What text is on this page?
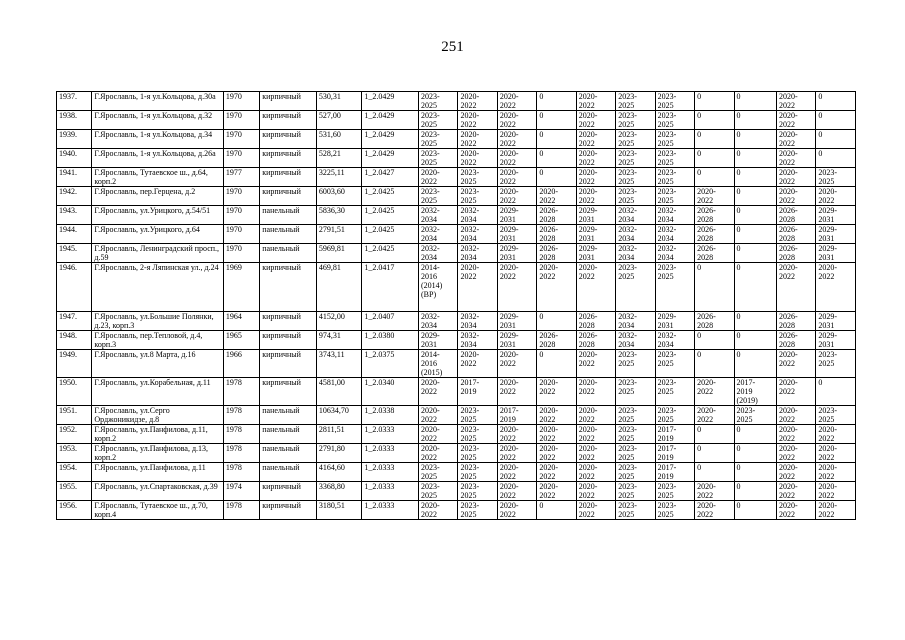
251
1937.	Г.Ярославль, 1-я ул.Кольцова, д.30а	1970	кирпичный	530,31	1_2.0429	2023-
2025	2020-
2022	2020-
2022	0	2020-
2022	2023-
2025	2023-
2025	0	0	2020-
2022	0
1938.	Г.Ярославль, 1-я ул.Кольцова, д.32	1970	кирпичный	527,00	1_2.0429	2023-
2025	2020-
2022	2020-
2022	0	2020-
2022	2023-
2025	2023-
2025	0	0	2020-
2022	0
1939.	Г.Ярославль, 1-я ул.Кольцова, д.34	1970	кирпичный	531,60	1_2.0429	2023-
2025	2020-
2022	2020-
2022	0	2020-
2022	2023-
2025	2023-
2025	0	0	2020-
2022	0
1940.	Г.Ярославль, 1-я ул.Кольцова, д.26а	1970	кирпичный	528,21	1_2.0429	2023-
2025	2020-
2022	2020-
2022	0	2020-
2022	2023-
2025	2023-
2025	0	0	2020-
2022	0
1941.	Г.Ярославль, Тутаевское ш., д.64, корп.2	1977	кирпичный	3225,11	1_2.0427	2020-
2022	2023-
2025	2020-
2022	0	2020-
2022	2023-
2025	2023-
2025	0	0	2020-
2022	2023-
2025
1942.	Г.Ярославль, пер.Герцена, д.2	1970	кирпичный	6003,60	1_2.0425	2023-
2025	2023-
2025	2020-
2022	2020-
2022	2020-
2022	2023-
2025	2023-
2025	2020-
2022	0	2020-
2022	2020-
2022
1943.	Г.Ярославль, ул.Урицкого, д.54/51	1970	панельный	5836,30	1_2.0425	2032-
2034	2032-
2034	2029-
2031	2026-
2028	2029-
2031	2032-
2034	2032-
2034	2026-
2028	0	2026-
2028	2029-
2031
1944.	Г.Ярославль, ул.Урицкого, д.64	1970	панельный	2791,51	1_2.0425	2032-
2034	2032-
2034	2029-
2031	2026-
2028	2029-
2031	2032-
2034	2032-
2034	2026-
2028	0	2026-
2028	2029-
2031
1945.	Г.Ярославль, Ленинградский просп., д.59	1970	панельный	5969,81	1_2.0425	2032-
2034	2032-
2034	2029-
2031	2026-
2028	2029-
2031	2032-
2034	2032-
2034	2026-
2028	0	2026-
2028	2029-
2031
1946.	Г.Ярославль, 2-я Ляпинская ул., д.24	1969	кирпичный	469,81	1_2.0417	2014-
2016
(2014)
(ВР)	2020-
2022	2020-
2022	2020-
2022	2020-
2022	2023-
2025	2023-
2025	0	0	2020-
2022	2020-
2022
1947.	Г.Ярославль, ул.Большие Полянки, д.23, корп.3	1964	кирпичный	4152,00	1_2.0407	2032-
2034	2032-
2034	2029-
2031	0	2026-
2028	2032-
2034	2029-
2031	2026-
2028	0	2026-
2028	2029-
2031
1948.	Г.Ярославль, пер.Тепловой, д.4, корп.3	1965	кирпичный	974,31	1_2.0380	2029-
2031	2032-
2034	2029-
2031	2026-
2028	2026-
2028	2032-
2034	2032-
2034	0	0	2026-
2028	2029-
2031
1949.	Г.Ярославль, ул.8 Марта, д.16	1966	кирпичный	3743,11	1_2.0375	2014-
2016
(2015)	2020-
2022	2020-
2022	0	2020-
2022	2023-
2025	2023-
2025	0	0	2020-
2022	2023-
2025
1950.	Г.Ярославль, ул.Корабельная, д.11	1978	кирпичный	4581,00	1_2.0340	2020-
2022	2017-
2019	2020-
2022	2020-
2022	2020-
2022	2023-
2025	2023-
2025	2020-
2022	2017-
2019
(2019)	2020-
2022	0
1951.	Г.Ярославль, ул.Серго Орджоникидзе, д.8	1978	панельный	10634,70	1_2.0338	2020-
2022	2023-
2025	2017-
2019	2020-
2022	2020-
2022	2023-
2025	2023-
2025	2020-
2022	2023-
2025	2020-
2022	2023-
2025
1952.	Г.Ярославль, ул.Панфилова, д.11, корп.2	1978	панельный	2811,51	1_2.0333	2020-
2022	2023-
2025	2020-
2022	2020-
2022	2020-
2022	2023-
2025	2017-
2019	0	0	2020-
2022	2020-
2022
1953.	Г.Ярославль, ул.Панфилова, д.13, корп.2	1978	панельный	2791,80	1_2.0333	2020-
2022	2023-
2025	2020-
2022	2020-
2022	2020-
2022	2023-
2025	2017-
2019	0	0	2020-
2022	2020-
2022
1954.	Г.Ярославль, ул.Панфилова, д.11	1978	панельный	4164,60	1_2.0333	2023-
2025	2023-
2025	2020-
2022	2020-
2022	2020-
2022	2023-
2025	2017-
2019	0	0	2020-
2022	2020-
2022
1955.	Г.Ярославль, ул.Спартаковская, д.39	1974	кирпичный	3368,80	1_2.0333	2023-
2025	2023-
2025	2020-
2022	2020-
2022	2020-
2022	2023-
2025	2023-
2025	2020-
2022	0	2020-
2022	2020-
2022
1956.	Г.Ярославль, Тутаевское ш., д.70, корп.4	1978	кирпичный	3180,51	1_2.0333	2020-
2022	2023-
2025	2020-
2022	0	2020-
2022	2023-
2025	2023-
2025	2020-
2022	0	2020-
2022	2020-
2022
